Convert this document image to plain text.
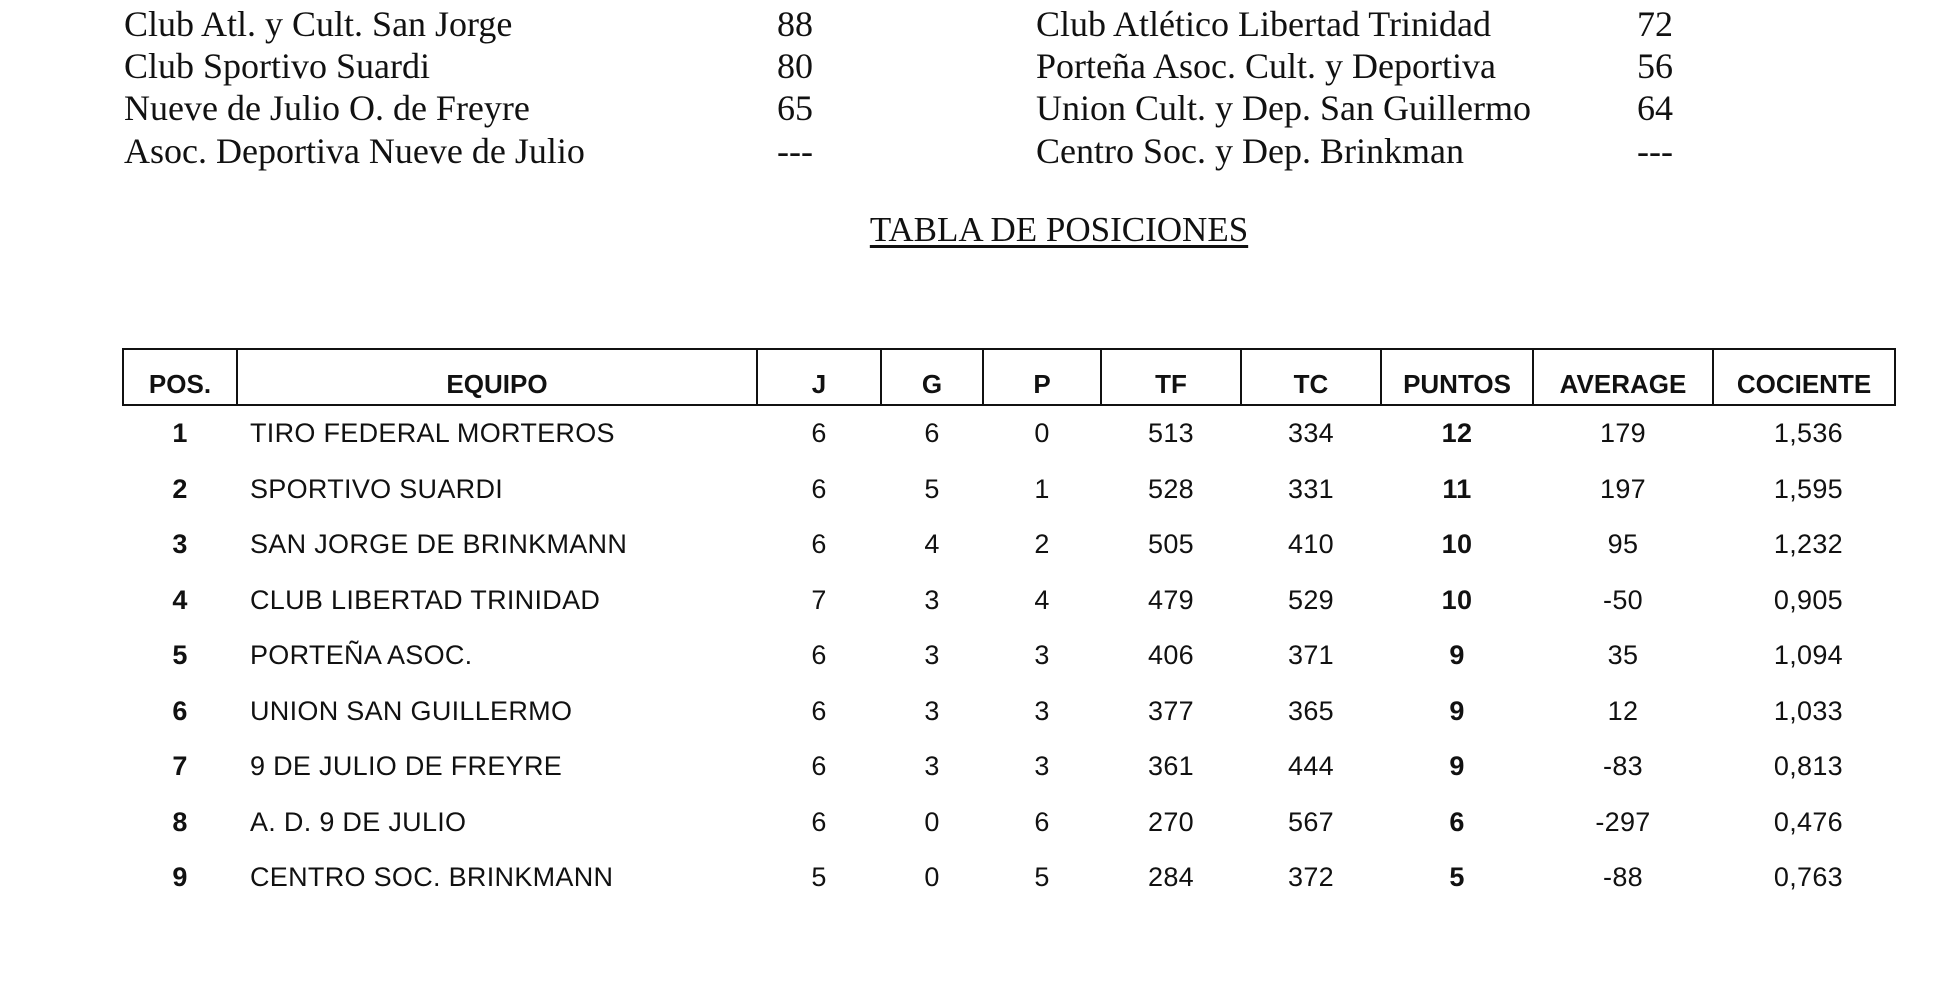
Club Atl. y Cult. San Jorge	88	Club Atlético Libertad Trinidad	72
Club Sportivo Suardi	80	Porteña Asoc. Cult. y Deportiva	56
Nueve de Julio O. de Freyre	65	Union Cult. y Dep. San Guillermo	64
Asoc. Deportiva Nueve de Julio	---	Centro Soc. y Dep. Brinkman	---
TABLA DE POSICIONES
POS.	EQUIPO	J	G	P	TF	TC	PUNTOS	AVERAGE	COCIENTE
1	TIRO FEDERAL MORTEROS	6	6	0	513	334	12	179	1,536
2	SPORTIVO SUARDI	6	5	1	528	331	11	197	1,595
3	SAN JORGE DE BRINKMANN	6	4	2	505	410	10	95	1,232
4	CLUB LIBERTAD TRINIDAD	7	3	4	479	529	10	-50	0,905
5	PORTEÑA ASOC.	6	3	3	406	371	9	35	1,094
6	UNION SAN GUILLERMO	6	3	3	377	365	9	12	1,033
7	9 DE JULIO DE FREYRE	6	3	3	361	444	9	-83	0,813
8	A. D. 9 DE JULIO	6	0	6	270	567	6	-297	0,476
9	CENTRO SOC. BRINKMANN	5	0	5	284	372	5	-88	0,763
